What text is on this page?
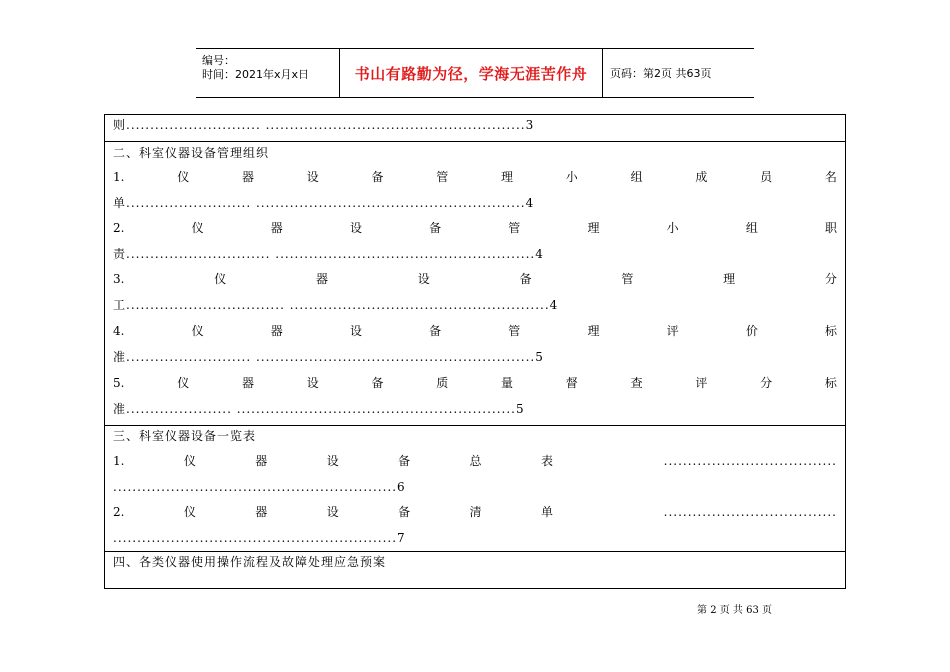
编号：
时间：2021年x月x日	书山有路勤为径，学海无涯苦作舟 页码：第2页 共63页
则............................ ......................................................3
二、科室仪器设备管理组织
1.	仪	器	设	备	管	理	小	组	成	员	名
单.......................... ........................................................4
2.	仪	器	设	备	管	理	小	组	职
责.............................. ......................................................4
3.	仪	器	设	备	管	理	分
工................................. ......................................................4
4.	仪	器	设	备	管	理	评	价	标
准.......................... ..........................................................5
5.	仪	器	设	备	质	量	督	查	评	分	标
准...................... ..........................................................5
三、科室仪器设备一览表
1.	仪	器	设	备	总	表	....................................
...........................................................6
2.	仪	器	设	备	清	单	....................................
...........................................................7
四、各类仪器使用操作流程及故障处理应急预案
第 2 页 共 63 页
